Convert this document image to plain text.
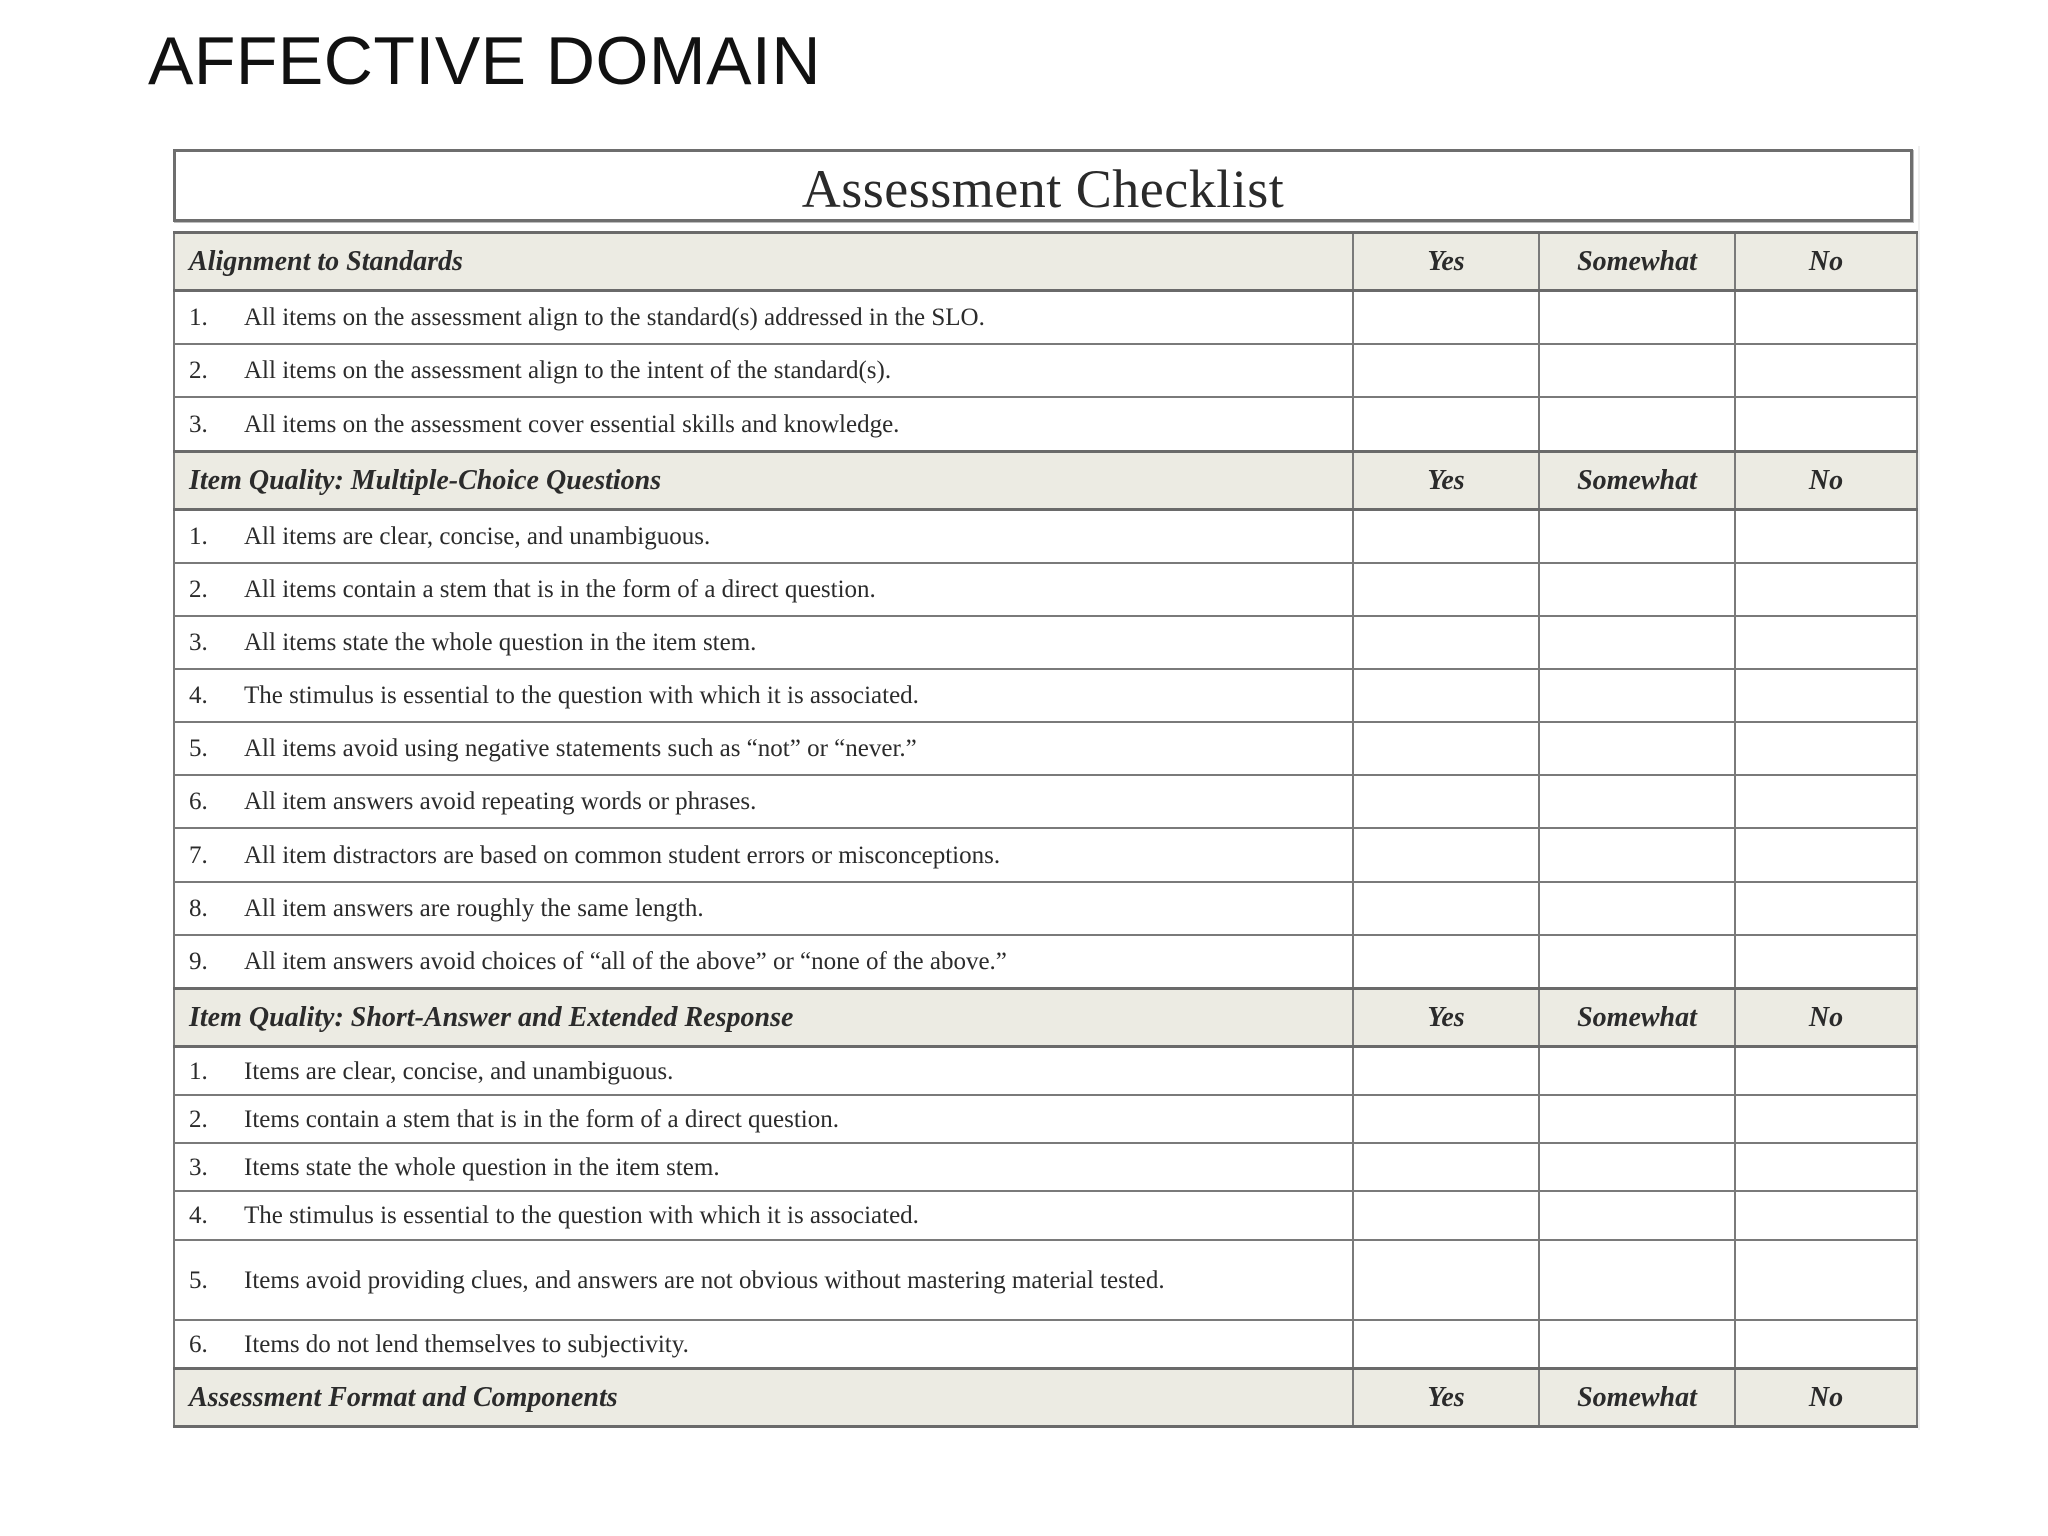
AFFECTIVE DOMAIN
Assessment Checklist
Alignment to Standards	Yes	Somewhat	No
1. All items on the assessment align to the standard(s) addressed in the SLO.			
2. All items on the assessment align to the intent of the standard(s).			
3. All items on the assessment cover essential skills and knowledge.			
Item Quality: Multiple-Choice Questions	Yes	Somewhat	No
1. All items are clear, concise, and unambiguous.			
2. All items contain a stem that is in the form of a direct question.			
3. All items state the whole question in the item stem.			
4. The stimulus is essential to the question with which it is associated.			
5. All items avoid using negative statements such as “not” or “never.”			
6. All item answers avoid repeating words or phrases.			
7. All item distractors are based on common student errors or misconceptions.			
8. All item answers are roughly the same length.			
9. All item answers avoid choices of “all of the above” or “none of the above.”			
Item Quality: Short-Answer and Extended Response	Yes	Somewhat	No
1. Items are clear, concise, and unambiguous.			
2. Items contain a stem that is in the form of a direct question.			
3. Items state the whole question in the item stem.			
4. The stimulus is essential to the question with which it is associated.			
5. Items avoid providing clues, and answers are not obvious without mastering material tested.			
6. Items do not lend themselves to subjectivity.			
Assessment Format and Components	Yes	Somewhat	No
